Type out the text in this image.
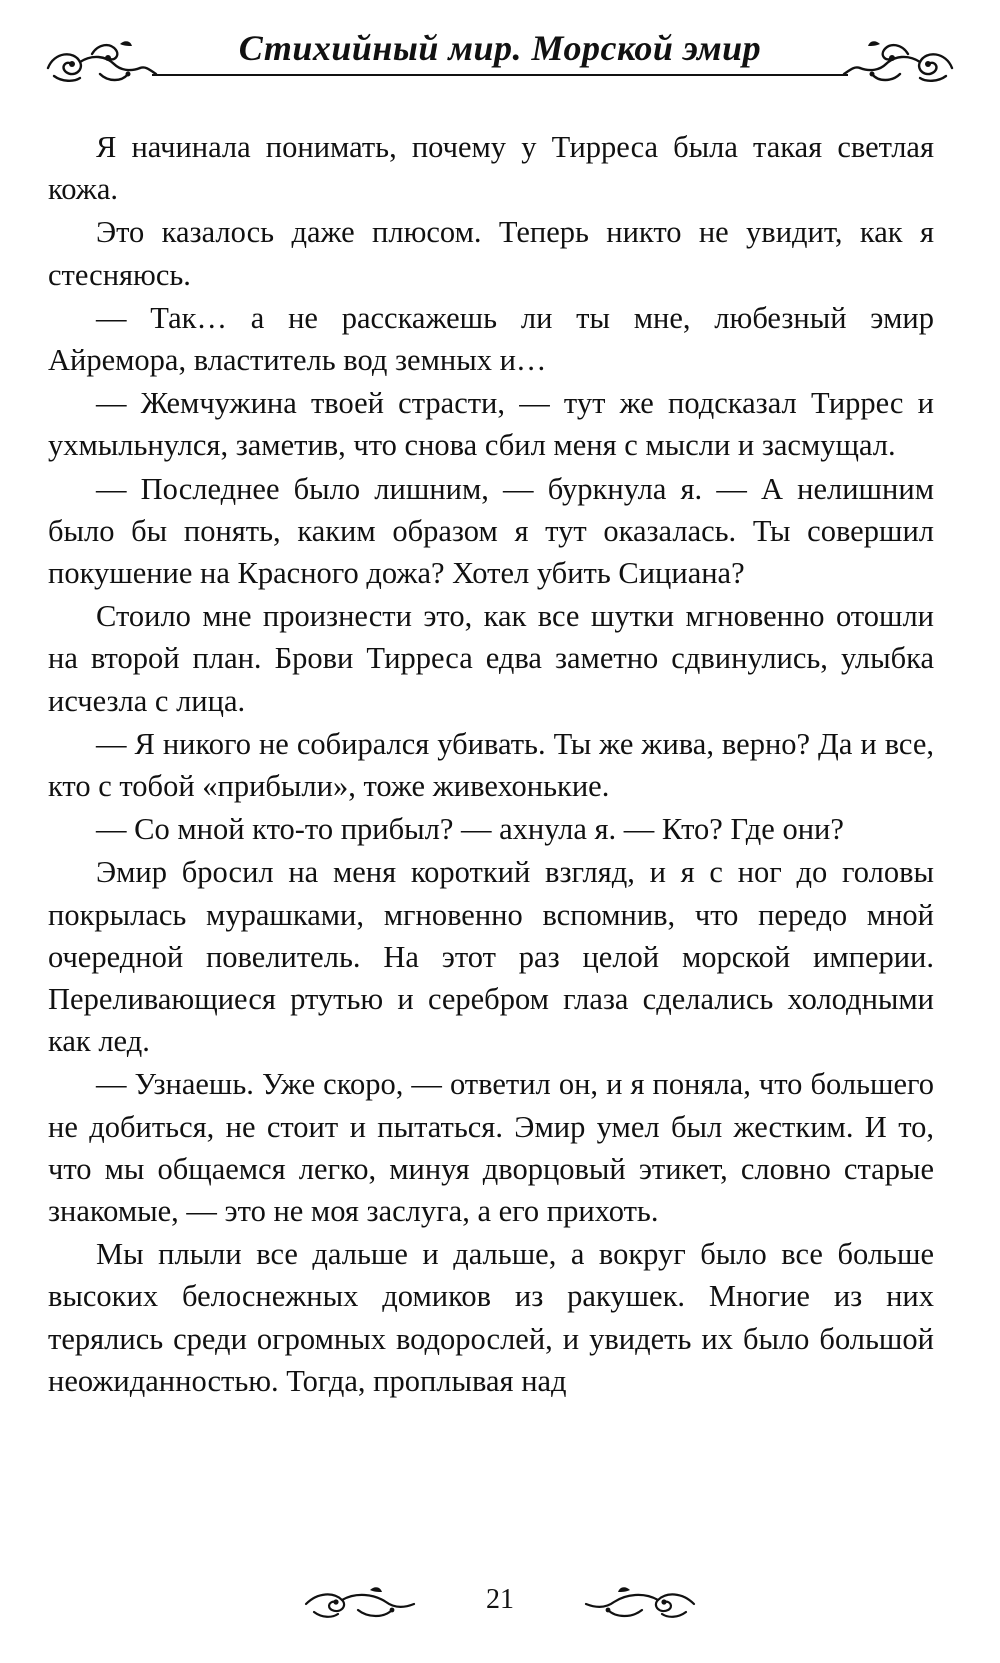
Стихийный мир. Морской эмир

Я начинала понимать, почему у Тирреса была такая светлая кожа.

Это казалось даже плюсом. Теперь никто не увидит, как я стесняюсь.

— Так… а не расскажешь ли ты мне, любезный эмир Айремора, властитель вод земных и…

— Жемчужина твоей страсти, — тут же подсказал Тиррес и ухмыльнулся, заметив, что снова сбил меня с мысли и засмущал.

— Последнее было лишним, — буркнула я. — А нелишним было бы понять, каким образом я тут оказалась. Ты совершил покушение на Красного дожа? Хотел убить Сициана?

Стоило мне произнести это, как все шутки мгновенно отошли на второй план. Брови Тирреса едва заметно сдвинулись, улыбка исчезла с лица.

— Я никого не собирался убивать. Ты же жива, верно? Да и все, кто с тобой «прибыли», тоже живехонькие.

— Со мной кто-то прибыл? — ахнула я. — Кто? Где они?

Эмир бросил на меня короткий взгляд, и я с ног до головы покрылась мурашками, мгновенно вспомнив, что передо мной очередной повелитель. На этот раз целой морской империи. Переливающиеся ртутью и серебром глаза сделались холодными как лед.

— Узнаешь. Уже скоро, — ответил он, и я поняла, что большего не добиться, не стоит и пытаться. Эмир умел был жестким. И то, что мы общаемся легко, минуя дворцовый этикет, словно старые знакомые, — это не моя заслуга, а его прихоть.

Мы плыли все дальше и дальше, а вокруг было все больше высоких белоснежных домиков из ракушек. Многие из них терялись среди огромных водорослей, и увидеть их было большой неожиданностью. Тогда, проплывая над

21
